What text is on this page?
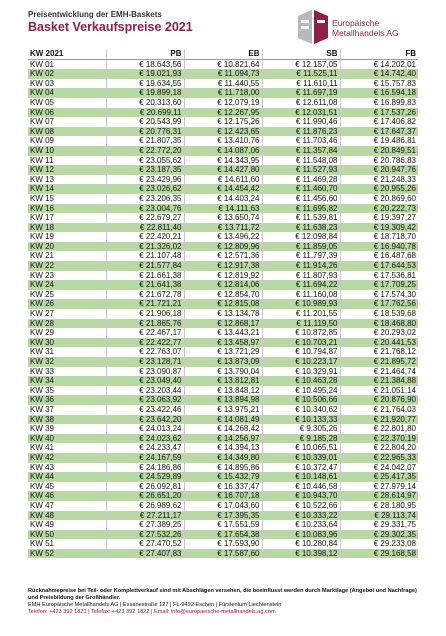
Preisentwicklung der EMH-Baskets
Basket Verkaufspreise 2021	Europäische
Metallhandels AG
KW 2021	PB	EB	SB	FB
KW 01	€ 18.643,56	€ 10.821,64	€ 12.157,05	€ 14.202,01
KW 02	€ 19.021,93	€ 11.094,73	€ 11.525,11	€ 14.742,40
KW 03	€ 19.634,55	€ 11.440,55	€ 11.610,11	€ 15.757,83
KW 04	€ 19.899,18	€ 11.718,00	€ 11.697,19	€ 16.594,18
KW 05	€ 20.313,60	€ 12.079,19	€ 12.611,08	€ 16.899,83
KW 06	€ 20.699,11	€ 12.267,95	€ 12.031,51	€ 17.537,26
KW 07	€ 20.543,99	€ 12.175,26	€ 11.990,46	€ 17.406,82
KW 08	€ 20.776,31	€ 12.423,65	€ 11.876,23	€ 17.647,37
KW 09	€ 21.807,35	€ 13.410,76	€ 11.703,46	€ 19.486,81
KW 10	€ 22.772,20	€ 14.087,06	€ 11.357,84	€ 20.849,51
KW 11	€ 23.055,62	€ 14.343,95	€ 11.548,08	€ 20.786,83
KW 12	€ 23.187,35	€ 14.427,80	€ 11.527,93	€ 20.947,76
KW 13	€ 23.429,96	€ 14.611,60	€ 11.469,28	€ 21.248,33
KW 14	€ 23.026,62	€ 14.454,42	€ 11.460,70	€ 20.955,26
KW 15	€ 23.206,35	€ 14.403,24	€ 11.456,60	€ 20.869,60
KW 16	€ 23.004,76	€ 14.111,63	€ 11.695,82	€ 20.222,73
KW 17	€ 22.679,27	€ 13.650,74	€ 11.539,81	€ 19.397,27
KW 18	€ 22.811,40	€ 13.711,72	€ 11.638,23	€ 19.309,42
KW 19	€ 22.420,21	€ 13.496,22	€ 12.098,84	€ 18.718,70
KW 20	€ 21.326,02	€ 12.809,96	€ 11.859,05	€ 16.940,78
KW 21	€ 21.107,48	€ 12.571,36	€ 11.797,39	€ 16.487,68
KW 22	€ 21.577,84	€ 12.917,38	€ 11.914,26	€ 17.644,53
KW 23	€ 21.661,38	€ 12.819,92	€ 11.807,93	€ 17.536,81
KW 24	€ 21.641,38	€ 12.814,06	€ 11.694,22	€ 17.709,25
KW 25	€ 21.672,78	€ 12.854,70	€ 11.160,08	€ 17.574,30
KW 26	€ 21.721,21	€ 12.815,08	€ 10.989,93	€ 17.762,56
KW 27	€ 21.906,18	€ 13.134,78	€ 11.201,55	€ 18.539,68
KW 28	€ 21.865,76	€ 12.868,17	€ 11.119,50	€ 18.468,80
KW 29	€ 22.467,17	€ 13.443,21	€ 10.872,85	€ 20.293,02
KW 30	€ 22.422,77	€ 13.458,97	€ 10.703,21	€ 20.441,53
KW 31	€ 22.763,07	€ 13.721,29	€ 10.794,87	€ 21.768,12
KW 32	€ 23.128,71	€ 13.873,09	€ 10.223,17	€ 21.895,72
KW 33	€ 23.090,87	€ 13.790,04	€ 10.329,91	€ 21.464,74
KW 34	€ 23.049,40	€ 13.812,81	€ 10.463,28	€ 21.384,88
KW 35	€ 23.203,44	€ 13.848,12	€ 10.495,24	€ 21.051,14
KW 36	€ 23.063,92	€ 13.894,98	€ 10.506,66	€ 20.876,90
KW 37	€ 23.422,46	€ 13.975,21	€ 10.340,62	€ 21.764,03
KW 38	€ 23.642,20	€ 14.081,49	€ 10.133,33	€ 21.920,77
KW 39	€ 24.013,24	€ 14.268,42	€ 9.305,26	€ 22.801,80
KW 40	€ 24.023,62	€ 14.256,97	€ 9.185,28	€ 22.370,19
KW 41	€ 24.233,47	€ 14.394,13	€ 10.065,51	€ 22.804,20
KW 42	€ 24.167,59	€ 14.349,80	€ 10.339,01	€ 22.965,33
KW 43	€ 24.186,86	€ 14.895,86	€ 10.372,47	€ 24.042,07
KW 44	€ 24.529,89	€ 15.432,79	€ 10.148,61	€ 25.417,35
KW 45	€ 26.092,81	€ 16.337,47	€ 10.446,58	€ 27.979,14
KW 46	€ 26.651,20	€ 16.707,18	€ 10.943,70	€ 28.614,97
KW 47	€ 26.989,62	€ 17.043,60	€ 10.522,66	€ 28.180,95
KW 48	€ 27.211,17	€ 17.395,35	€ 10.333,22	€ 29.113,74
KW 49	€ 27.389,25	€ 17.551,59	€ 10.233,64	€ 29.331,75
KW 50	€ 27.532,26	€ 17.654,38	€ 10.083,96	€ 29.302,35
KW 51	€ 27.470,52	€ 17.593,90	€ 10.280,84	€ 29.233,08
KW 52	€ 27.407,83	€ 17.587,60	€ 10.398,12	€ 29.168,58
Rücknahmepreise bei Teil- oder Komplettverkauf sind mit Abschlägen versehen, die beeinflusst werden durch Marktlage (Angebot und Nachfrage) und Preisbildung der Großhändler.
EMH Europäische Metallhandels AG | Essanestraße 127 | FL-9492 Eschen | Fürstentum Liechtenstein
Telefon: +423 392 1821 | Telefax: +423 392 1822 | Email: info@europaeische-metallhandels.ag.com
